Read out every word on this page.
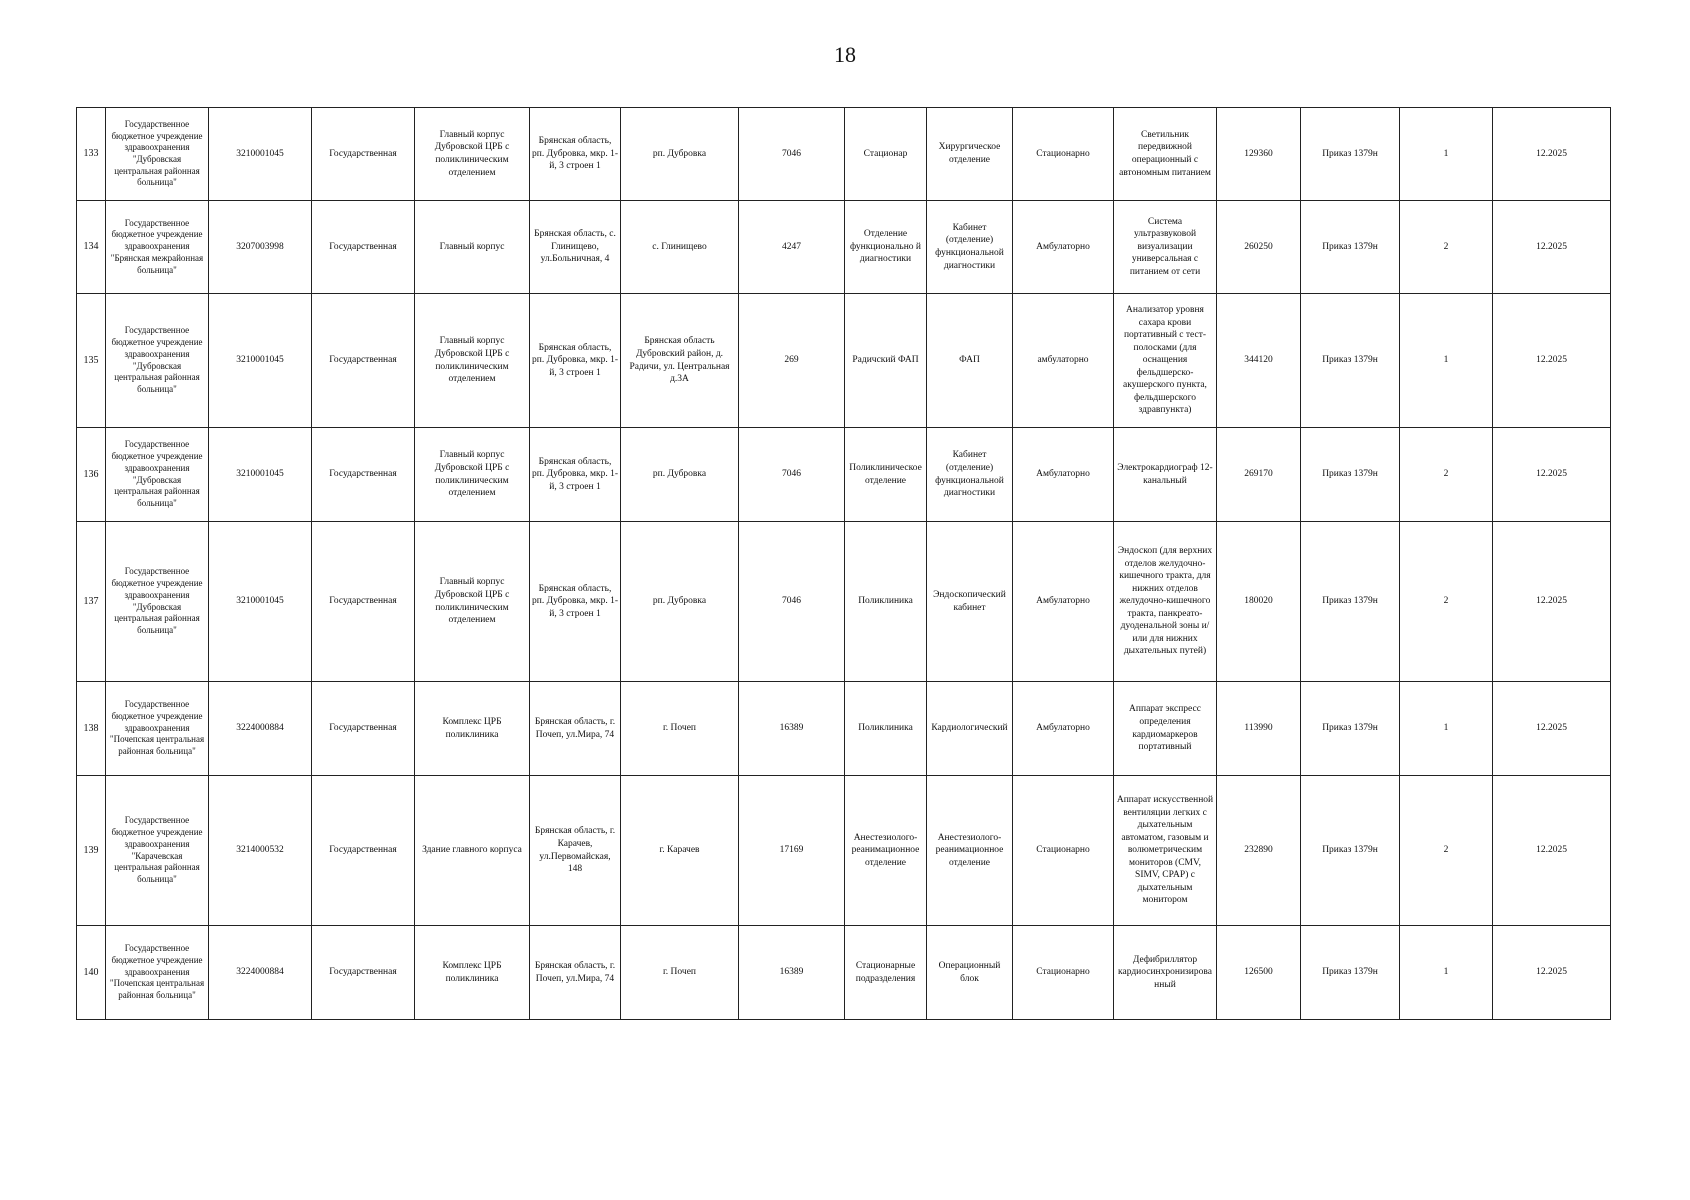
18
133	Государственное бюджетное учреждение здравоохранения "Дубровская центральная районная больница"	3210001045	Государственная	Главный корпус Дубровской ЦРБ с поликлиническим отделением	Брянская область, рп. Дубровка, мкр. 1-й, 3 строен 1	рп. Дубровка	7046	Стационар	Хирургическое отделение	Стационарно	Светильник передвижной операционный с автономным питанием	129360	Приказ 1379н	1	12.2025
134	Государственное бюджетное учреждение здравоохранения "Брянская межрайонная больница"	3207003998	Государственная	Главный корпус	Брянская область, с. Глинищево, ул.Больничная, 4	с. Глинищево	4247	Отделение функционально й диагностики	Кабинет (отделение) функциональной диагностики	Амбулаторно	Система ультразвуковой визуализации универсальная с питанием от сети	260250	Приказ 1379н	2	12.2025
135	Государственное бюджетное учреждение здравоохранения "Дубровская центральная районная больница"	3210001045	Государственная	Главный корпус Дубровской ЦРБ с поликлиническим отделением	Брянская область, рп. Дубровка, мкр. 1-й, 3 строен 1	Брянская область Дубровский район, д. Радичи, ул. Центральная д.3А	269	Радичский ФАП	ФАП	амбулаторно	Анализатор уровня сахара крови портативный с тест-полосками (для оснащения фельдшерско-акушерского пункта, фельдшерского здравпункта)	344120	Приказ 1379н	1	12.2025
136	Государственное бюджетное учреждение здравоохранения "Дубровская центральная районная больница"	3210001045	Государственная	Главный корпус Дубровской ЦРБ с поликлиническим отделением	Брянская область, рп. Дубровка, мкр. 1-й, 3 строен 1	рп. Дубровка	7046	Поликлиническое отделение	Кабинет (отделение) функциональной диагностики	Амбулаторно	Электрокардиограф 12-канальный	269170	Приказ 1379н	2	12.2025
137	Государственное бюджетное учреждение здравоохранения "Дубровская центральная районная больница"	3210001045	Государственная	Главный корпус Дубровской ЦРБ с поликлиническим отделением	Брянская область, рп. Дубровка, мкр. 1-й, 3 строен 1	рп. Дубровка	7046	Поликлиника	Эндоскопический кабинет	Амбулаторно	Эндоскоп (для верхних отделов желудочно-кишечного тракта, для нижних отделов желудочно-кишечного тракта, панкреато-дуоденальной зоны и/или для нижних дыхательных путей)	180020	Приказ 1379н	2	12.2025
138	Государственное бюджетное учреждение здравоохранения "Почепская центральная районная больница"	3224000884	Государственная	Комплекс ЦРБ поликлиника	Брянская область, г. Почеп, ул.Мира, 74	г. Почеп	16389	Поликлиника	Кардиологический	Амбулаторно	Аппарат экспресс определения кардиомаркеров портативный	113990	Приказ 1379н	1	12.2025
139	Государственное бюджетное учреждение здравоохранения "Карачевская центральная районная больница"	3214000532	Государственная	Здание главного корпуса	Брянская область, г. Карачев, ул.Первомайская, 148	г. Карачев	17169	Анестезиолого-реанимационное отделение	Анестезиолого-реанимационное отделение	Стационарно	Аппарат искусственной вентиляции легких с дыхательным автоматом, газовым и волюметрическим мониторов (CMV, SIMV, CPAP) с дыхательным монитором	232890	Приказ 1379н	2	12.2025
140	Государственное бюджетное учреждение здравоохранения "Почепская центральная районная больница"	3224000884	Государственная	Комплекс ЦРБ поликлиника	Брянская область, г. Почеп, ул.Мира, 74	г. Почеп	16389	Стационарные подразделения	Операционный блок	Стационарно	Дефибриллятор кардиосинхронизированный	126500	Приказ 1379н	1	12.2025
